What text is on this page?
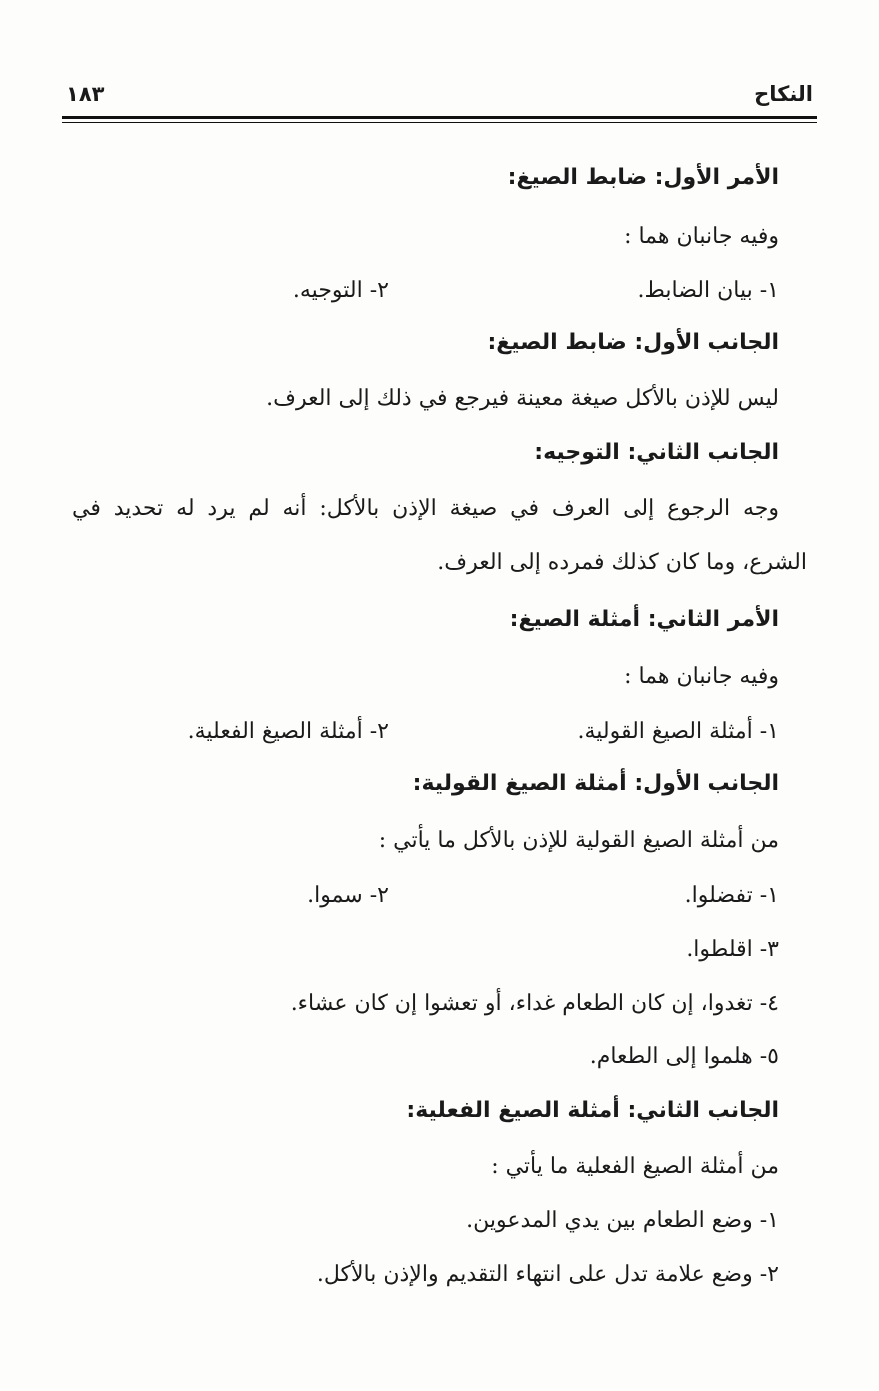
النكاح
١٨٣
الأمر الأول: ضابط الصيغ:
وفيه جانبان هما :
١- بيان الضابط.
٢- التوجيه.
الجانب الأول: ضابط الصيغ:
ليس للإذن بالأكل صيغة معينة فيرجع في ذلك إلى العرف.
الجانب الثاني: التوجيه:
وجه الرجوع إلى العرف في صيغة الإذن بالأكل: أنه لم يرد له تحديد في
الشرع، وما كان كذلك فمرده إلى العرف.
الأمر الثاني: أمثلة الصيغ:
وفيه جانبان هما :
١- أمثلة الصيغ القولية.
٢- أمثلة الصيغ الفعلية.
الجانب الأول: أمثلة الصيغ القولية:
من أمثلة الصيغ القولية للإذن بالأكل ما يأتي :
١- تفضلوا.
٢- سموا.
٣- اقلطوا.
٤- تغدوا، إن كان الطعام غداء، أو تعشوا إن كان عشاء.
٥- هلموا إلى الطعام.
الجانب الثاني: أمثلة الصيغ الفعلية:
من أمثلة الصيغ الفعلية ما يأتي :
١- وضع الطعام بين يدي المدعوين.
٢- وضع علامة تدل على انتهاء التقديم والإذن بالأكل.
